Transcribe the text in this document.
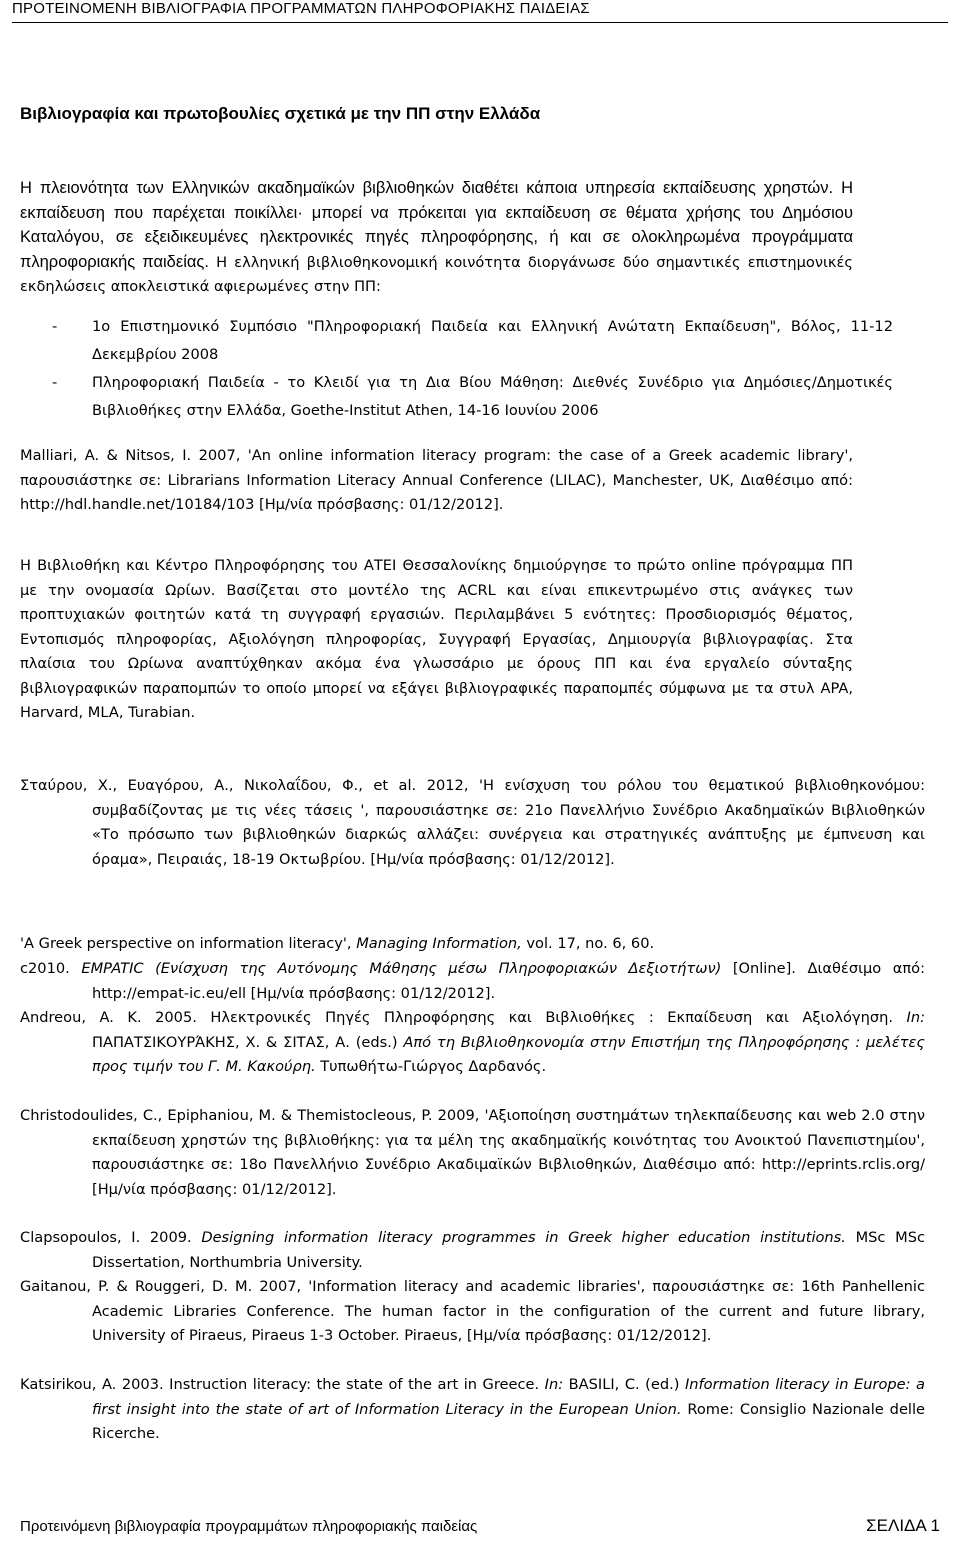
ΠΡΟΤΕΙΝΟΜΕΝΗ ΒΙΒΛΙΟΓΡΑΦΙΑ ΠΡΟΓΡΑΜΜΑΤΩΝ ΠΛΗΡΟΦΟΡΙΑΚΗΣ ΠΑΙΔΕΙΑΣ
Βιβλιογραφία και πρωτοβουλίες σχετικά με την ΠΠ στην Ελλάδα
Η πλειονότητα των Ελληνικών ακαδημαϊκών βιβλιοθηκών διαθέτει κάποια υπηρεσία εκπαίδευσης χρηστών. Η εκπαίδευση που παρέχεται ποικίλλει· μπορεί να πρόκειται για εκπαίδευση σε θέματα χρήσης του Δημόσιου Καταλόγου, σε εξειδικευμένες ηλεκτρονικές πηγές πληροφόρησης, ή και σε ολοκληρωμένα προγράμματα πληροφοριακής παιδείας. Η ελληνική βιβλιοθηκονομική κοινότητα διοργάνωσε δύο σημαντικές επιστημονικές εκδηλώσεις αποκλειστικά αφιερωμένες στην ΠΠ:
- 1ο Επιστημονικό Συμπόσιο "Πληροφοριακή Παιδεία και Ελληνική Ανώτατη Εκπαίδευση", Βόλος, 11-12 Δεκεμβρίου 2008
- Πληροφοριακή Παιδεία - το Κλειδί για τη Δια Βίου Μάθηση: Διεθνές Συνέδριο για Δημόσιες/Δημοτικές Βιβλιοθήκες στην Ελλάδα, Goethe-Institut Athen, 14-16 Ιουνίου 2006
Malliari, A. & Nitsos, I. 2007, 'An online information literacy program: the case of a Greek academic library', παρουσιάστηκε σε: Librarians Information Literacy Annual Conference (LILAC), Manchester, UK, Διαθέσιμο από: http://hdl.handle.net/10184/103 [Ημ/νία πρόσβασης: 01/12/2012].
Η Βιβλιοθήκη και Κέντρο Πληροφόρησης του ΑΤΕΙ Θεσσαλονίκης δημιούργησε το πρώτο online πρόγραμμα ΠΠ με την ονομασία Ωρίων. Βασίζεται στο μοντέλο της ACRL και είναι επικεντρωμένο στις ανάγκες των προπτυχιακών φοιτητών κατά τη συγγραφή εργασιών. Περιλαμβάνει 5 ενότητες: Προσδιορισμός θέματος, Εντοπισμός πληροφορίας, Αξιολόγηση πληροφορίας, Συγγραφή Εργασίας, Δημιουργία βιβλιογραφίας. Στα πλαίσια του Ωρίωνα αναπτύχθηκαν ακόμα ένα γλωσσάριο με όρους ΠΠ και ένα εργαλείο σύνταξης βιβλιογραφικών παραπομπών το οποίο μπορεί να εξάγει βιβλιογραφικές παραπομπές σύμφωνα με τα στυλ APA, Harvard, MLA, Turabian.
Σταύρου, Χ., Ευαγόρου, Α., Νικολαΐδου, Φ., et al. 2012, 'Η ενίσχυση του ρόλου του θεματικού βιβλιοθηκονόμου: συμβαδίζοντας με τις νέες τάσεις ', παρουσιάστηκε σε: 21ο Πανελλήνιο Συνέδριο Ακαδημαϊκών Βιβλιοθηκών «Το πρόσωπο των βιβλιοθηκών διαρκώς αλλάζει: συνέργεια και στρατηγικές ανάπτυξης με έμπνευση και όραμα», Πειραιάς, 18-19 Οκτωβρίου. [Ημ/νία πρόσβασης: 01/12/2012].
'A Greek perspective on information literacy', Managing Information, vol. 17, no. 6, 60.
c2010. EMPATIC (Ενίσχυση της Αυτόνομης Μάθησης μέσω Πληροφοριακών Δεξιοτήτων) [Online]. Διαθέσιμο από: http://empat-ic.eu/ell [Ημ/νία πρόσβασης: 01/12/2012].
Andreou, A. K. 2005. Ηλεκτρονικές Πηγές Πληροφόρησης και Βιβλιοθήκες : Εκπαίδευση και Αξιολόγηση. In: ΠΑΠΑΤΣΙΚΟΥΡΆΚΗΣ, Χ. & ΣΙΤΑΣ, Α. (eds.) Από τη Βιβλιοθηκονομία στην Επιστήμη της Πληροφόρησης : μελέτες προς τιμήν του Γ. Μ. Κακούρη. Τυπωθήτω-Γιώργος Δαρδανός.
Christodoulides, C., Epiphaniou, M. & Themistocleous, P. 2009, 'Αξιοποίηση συστημάτων τηλεκπαίδευσης και web 2.0 στην εκπαίδευση χρηστών της βιβλιοθήκης: για τα μέλη της ακαδημαϊκής κοινότητας του Ανοικτού Πανεπιστημίου', παρουσιάστηκε σε: 18ο Πανελλήνιο Συνέδριο Ακαδιμαϊκών Βιβλιοθηκών, Διαθέσιμο από: http://eprints.rclis.org/ [Ημ/νία πρόσβασης: 01/12/2012].
Clapsopoulos, I. 2009. Designing information literacy programmes in Greek higher education institutions. MSc MSc Dissertation, Northumbria University.
Gaitanou, P. & Rouggeri, D. M. 2007, 'Information literacy and academic libraries', παρουσιάστηκε σε: 16th Panhellenic Academic Libraries Conference. The human factor in the configuration of the current and future library, University of Piraeus, Piraeus 1-3 October. Piraeus, [Ημ/νία πρόσβασης: 01/12/2012].
Katsirikou, A. 2003. Instruction literacy: the state of the art in Greece. In: BASILI, C. (ed.) Information literacy in Europe: a first insight into the state of art of Information Literacy in the European Union. Rome: Consiglio Nazionale delle Ricerche.
Προτεινόμενη βιβλιογραφία προγραμμάτων πληροφοριακής παιδείας	ΣΕΛΙΔΑ 1
